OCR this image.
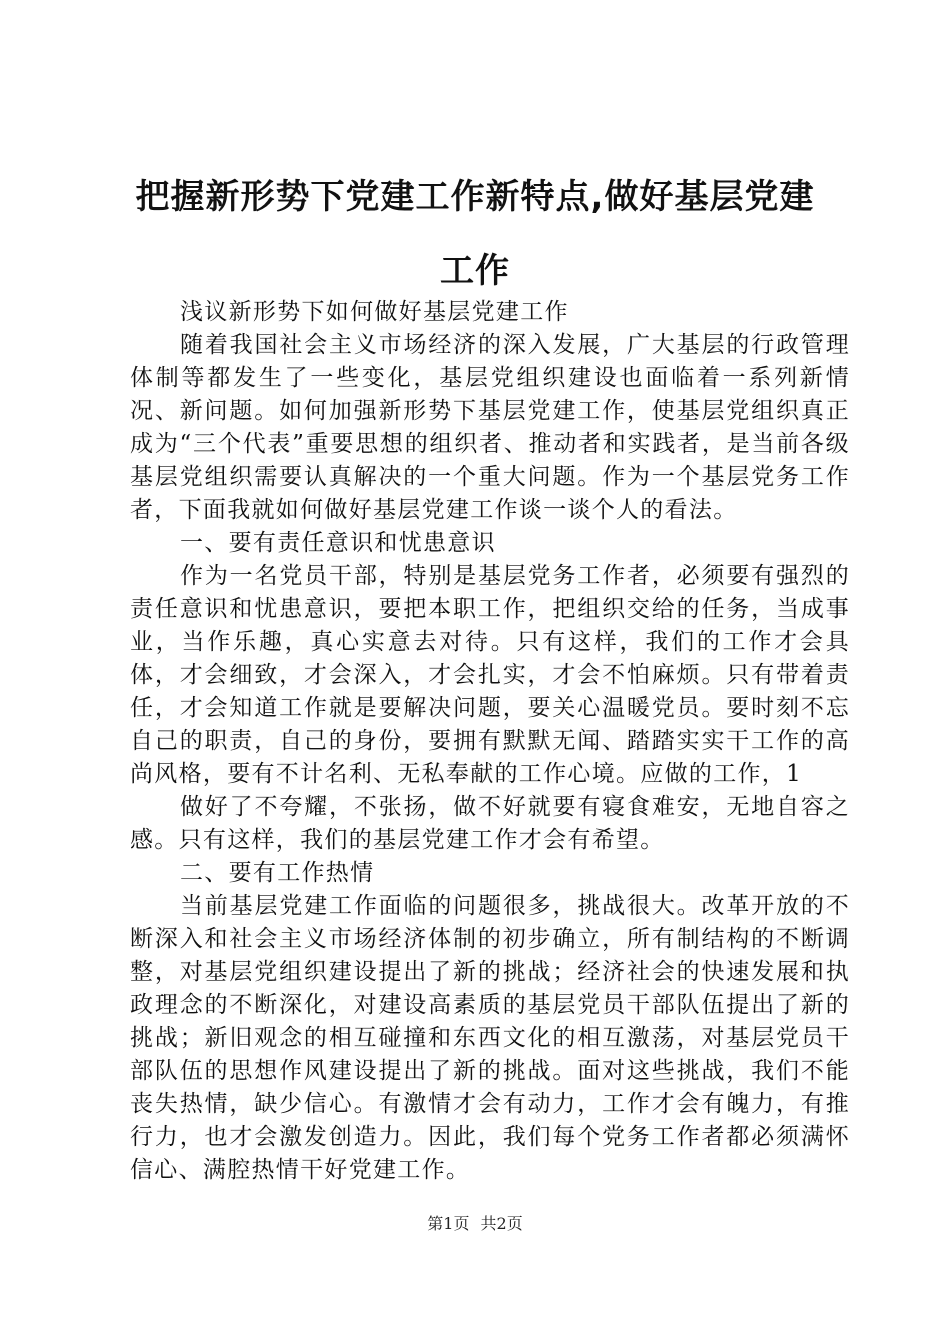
把握新形势下党建工作新特点,做好基层党建工作

浅议新形势下如何做好基层党建工作

随着我国社会主义市场经济的深入发展，广大基层的行政管理体制等都发生了一些变化，基层党组织建设也面临着一系列新情况、新问题。如何加强新形势下基层党建工作，使基层党组织真正成为“三个代表”重要思想的组织者、推动者和实践者，是当前各级基层党组织需要认真解决的一个重大问题。作为一个基层党务工作者，下面我就如何做好基层党建工作谈一谈个人的看法。

一、要有责任意识和忧患意识

作为一名党员干部，特别是基层党务工作者，必须要有强烈的责任意识和忧患意识，要把本职工作，把组织交给的任务，当成事业，当作乐趣，真心实意去对待。只有这样，我们的工作才会具体，才会细致，才会深入，才会扎实，才会不怕麻烦。只有带着责任，才会知道工作就是要解决问题，要关心温暖党员。要时刻不忘自己的职责，自己的身份，要拥有默默无闻、踏踏实实干工作的高尚风格，要有不计名利、无私奉献的工作心境。应做的工作，1

做好了不夸耀，不张扬，做不好就要有寝食难安，无地自容之感。只有这样，我们的基层党建工作才会有希望。

二、要有工作热情

当前基层党建工作面临的问题很多，挑战很大。改革开放的不断深入和社会主义市场经济体制的初步确立，所有制结构的不断调整，对基层党组织建设提出了新的挑战；经济社会的快速发展和执政理念的不断深化，对建设高素质的基层党员干部队伍提出了新的挑战；新旧观念的相互碰撞和东西文化的相互激荡，对基层党员干部队伍的思想作风建设提出了新的挑战。面对这些挑战，我们不能丧失热情，缺少信心。有激情才会有动力，工作才会有魄力，有推行力，也才会激发创造力。因此，我们每个党务工作者都必须满怀信心、满腔热情干好党建工作。

第1页 共2页
